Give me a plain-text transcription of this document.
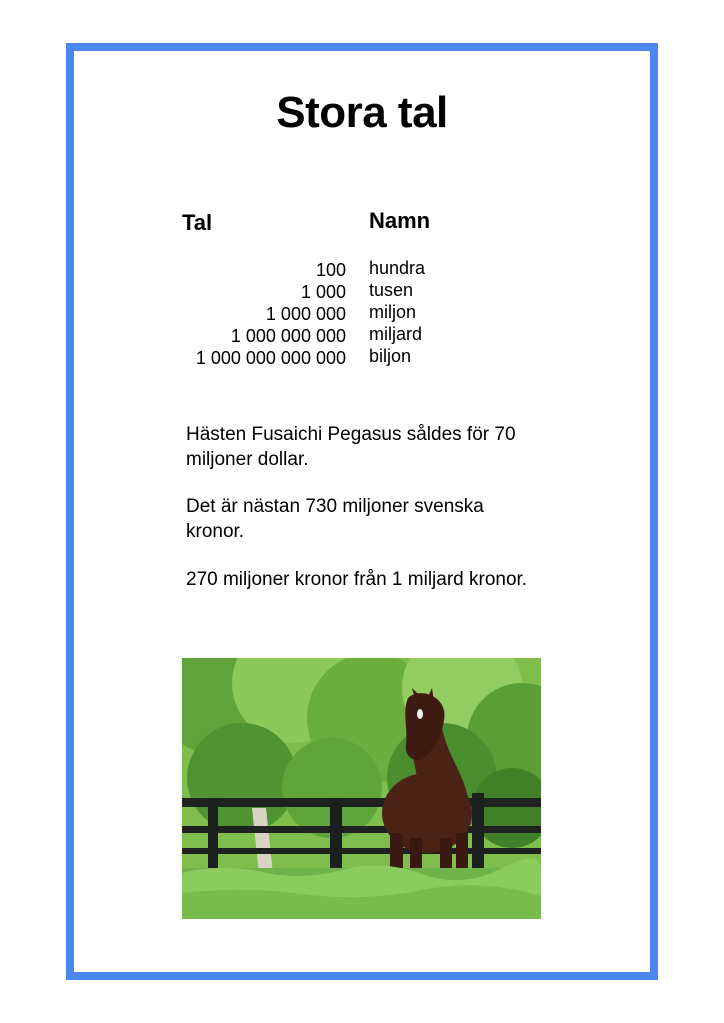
Stora tal
Tal	Namn
100
1 000
1 000 000
1 000 000 000
1 000 000 000 000
hundra
tusen
miljon
miljard
biljon

Hästen Fusaichi Pegasus såldes för 70 miljoner dollar.

Det är nästan 730 miljoner svenska kronor.

270 miljoner kronor från 1 miljard kronor.
